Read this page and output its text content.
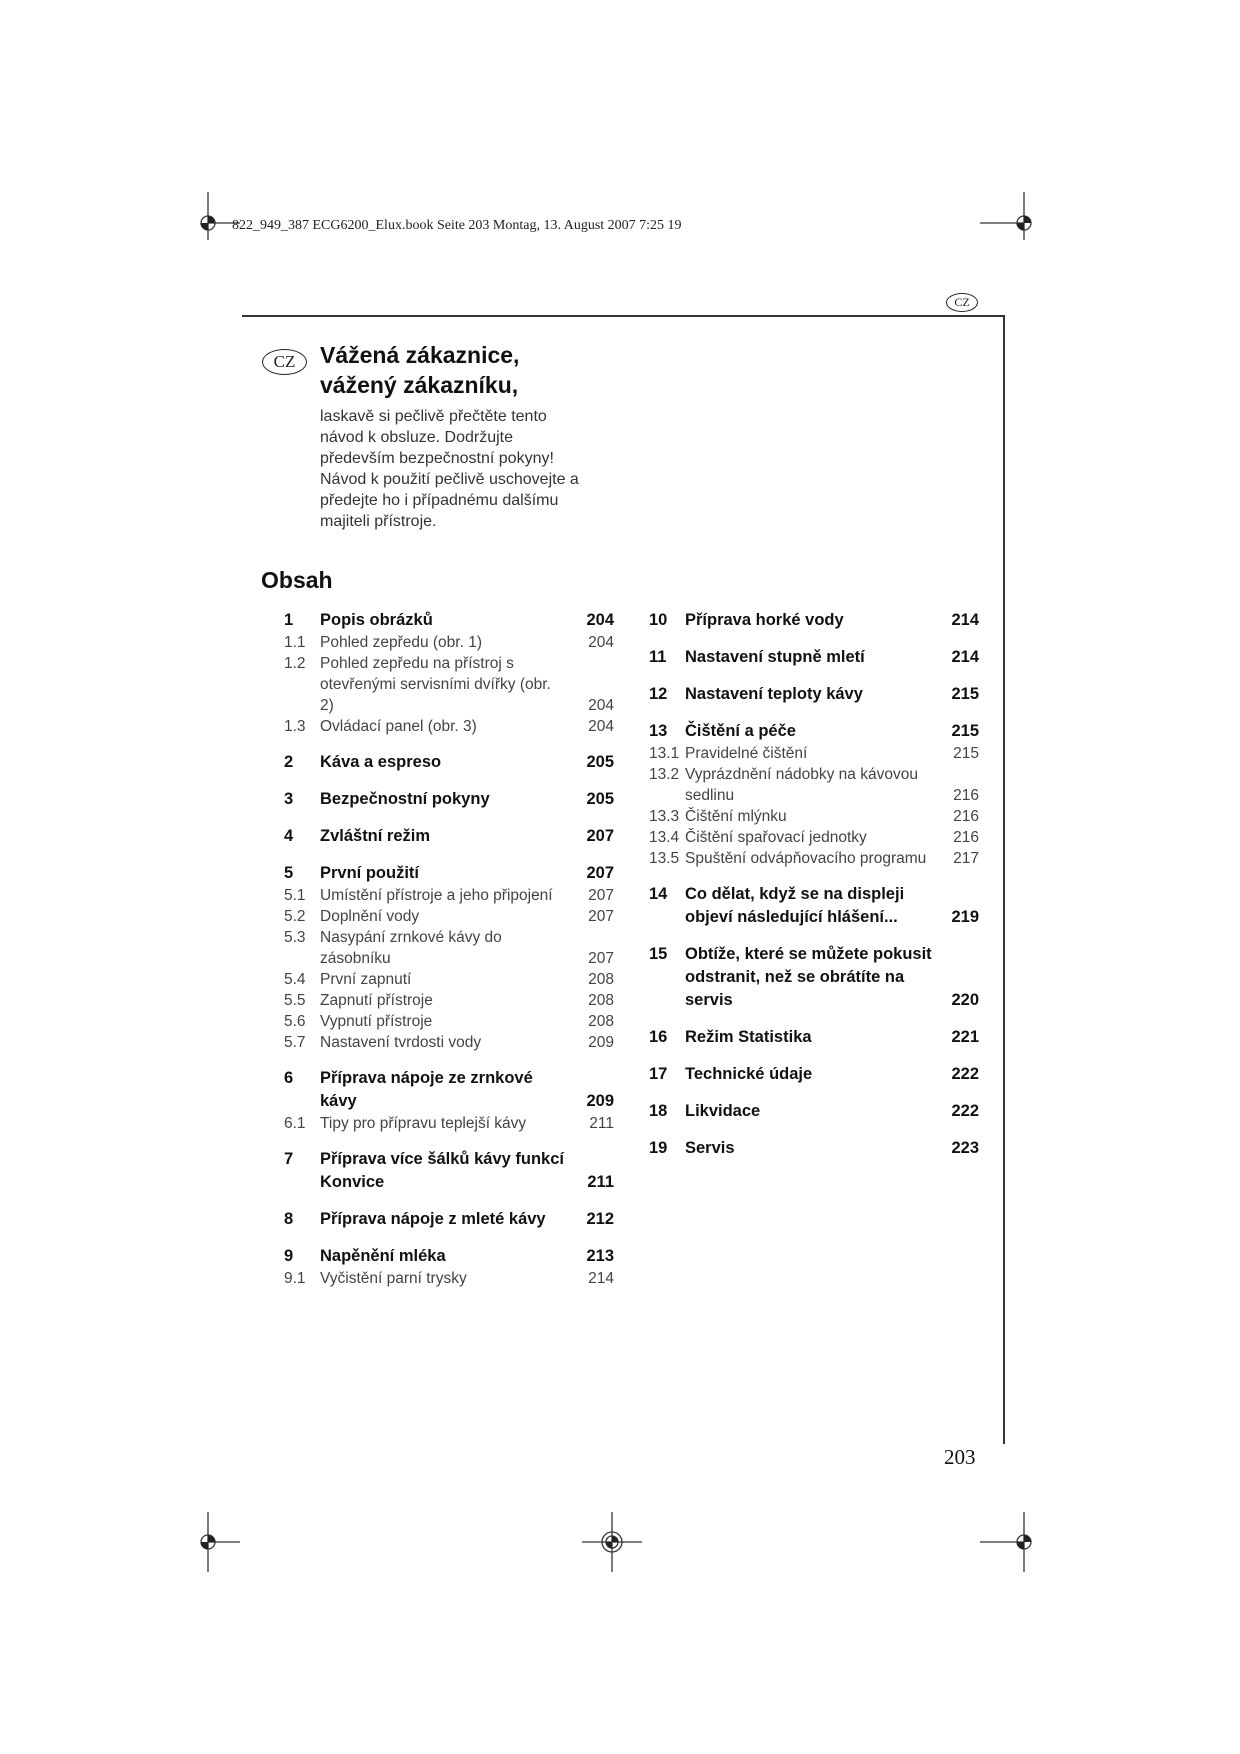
822_949_387 ECG6200_Elux.book Seite 203 Montag, 13. August 2007 7:25 19
CZ
CZ	Vážená zákaznice,
vážený zákazníku,
laskavě si pečlivě přečtěte tento
návod k obsluze. Dodržujte
především bezpečnostní pokyny!
Návod k použití pečlivě uschovejte a
předejte ho i případnému dalšímu
majiteli přístroje.
Obsah
1 Popis obrázků	204
1.1 Pohled zepředu (obr. 1)	204
1.2 Pohled zepředu na přístroj s otevřenými servisními dvířky (obr. 2)	204
1.3 Ovládací panel (obr. 3)	204
2 Káva a espreso	205
3 Bezpečnostní pokyny	205
4 Zvláštní režim	207
5 První použití	207
5.1 Umístění přístroje a jeho připojení	207
5.2 Doplnění vody	207
5.3 Nasypání zrnkové kávy do zásobníku	207
5.4 První zapnutí	208
5.5 Zapnutí přístroje	208
5.6 Vypnutí přístroje	208
5.7 Nastavení tvrdosti vody	209
6 Příprava nápoje ze zrnkové kávy	209
6.1 Tipy pro přípravu teplejší kávy	211
7 Příprava více šálků kávy funkcí Konvice	211
8 Příprava nápoje z mleté kávy	212
9 Napěnění mléka	213
9.1 Vyčistění parní trysky	214
10 Příprava horké vody	214
11 Nastavení stupně mletí	214
12 Nastavení teploty kávy	215
13 Čištění a péče	215
13.1 Pravidelné čištění	215
13.2 Vyprázdnění nádobky na kávovou sedlinu	216
13.3 Čištění mlýnku	216
13.4 Čištění spařovací jednotky	216
13.5 Spuštění odvápňovacího programu	217
14 Co dělat, když se na displeji objeví následující hlášení...	219
15 Obtíže, které se můžete pokusit odstranit, než se obrátíte na servis	220
16 Režim Statistika	221
17 Technické údaje	222
18 Likvidace	222
19 Servis	223
203
